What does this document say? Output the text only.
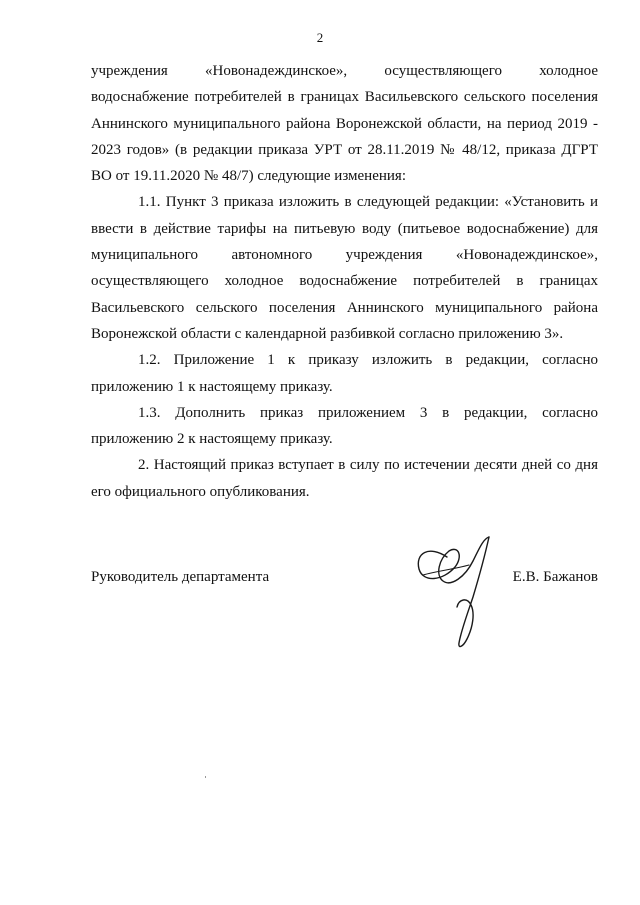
2

учреждения «Новонадеждинское», осуществляющего холодное водоснабжение потребителей в границах Васильевского сельского поселения Аннинского муниципального района Воронежской области, на период 2019 - 2023 годов» (в редакции приказа УРТ от 28.11.2019 № 48/12, приказа ДГРТ ВО от 19.11.2020 № 48/7) следующие изменения:

1.1. Пункт 3 приказа изложить в следующей редакции: «Установить и ввести в действие тарифы на питьевую воду (питьевое водоснабжение) для муниципального автономного учреждения «Новонадеждинское», осуществляющего холодное водоснабжение потребителей в границах Васильевского сельского поселения Аннинского муниципального района Воронежской области с календарной разбивкой согласно приложению 3».

1.2. Приложение 1 к приказу изложить в редакции, согласно приложению 1 к настоящему приказу.

1.3. Дополнить приказ приложением 3 в редакции, согласно приложению 2 к настоящему приказу.

2. Настоящий приказ вступает в силу по истечении десяти дней со дня его официального опубликования.

Руководитель департамента	Е.В. Бажанов
